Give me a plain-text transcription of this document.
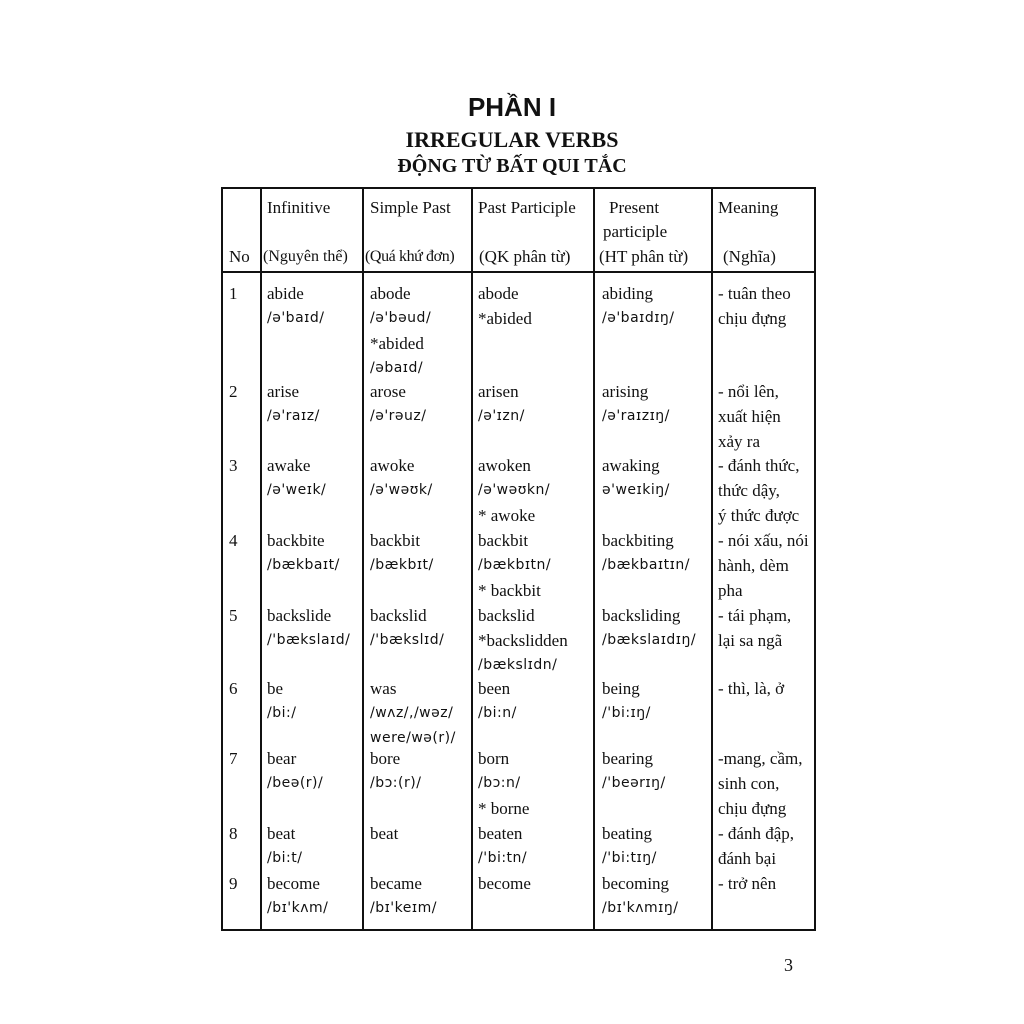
PHẦN I
IRREGULAR VERBS
ĐỘNG TỪ BẤT QUI TẮC
No
Infinitive
(Nguyên thể)
Simple Past
(Quá khứ đơn)
Past Participle
(QK phân từ)
Present
participle
(HT phân từ)
Meaning
(Nghĩa)
1 abide
/ə'baɪd/
abode
/ə'bəud/
*abided
/əbaɪd/
abode
*abided
abiding
/ə'baɪdɪŋ/
- tuân theo
chịu đựng
2 arise
/ə'raɪz/
arose
/ə'rəuz/
arisen
/ə'ɪzn/
arising
/ə'raɪzɪŋ/
- nổi lên,
xuất hiện
xảy ra
3 awake
/ə'weɪk/
awoke
/ə'wəʊk/
awoken
/ə'wəʊkn/
* awoke
awaking
ə'weɪkiŋ/
- đánh thức,
thức dậy,
ý thức được
4 backbite
/bækbaɪt/
backbit
/bækbɪt/
backbit
/bækbɪtn/
* backbit
backbiting
/bækbaɪtɪn/
- nói xấu, nói
hành, dèm
pha
5 backslide
/'bækslaɪd/
backslid
/'bækslɪd/
backslid
*backslidden
/bækslɪdn/
backsliding
/bækslaɪdɪŋ/
- tái phạm,
lại sa ngã
6 be
/bi:/
was
/wʌz/,/wəz/
were/wə(r)/
been
/bi:n/
being
/'bi:ɪŋ/
- thì, là, ở
7 bear
/beə(r)/
bore
/bɔ:(r)/
born
/bɔ:n/
* borne
bearing
/'beərɪŋ/
-mang, cầm,
sinh con,
chịu đựng
8 beat
/bi:t/
beat	beaten
/'bi:tn/
beating
/'bi:tɪŋ/
- đánh đập,
đánh bại
9 become
/bɪ'kʌm/
became
/bɪ'keɪm/
become	becoming
/bɪ'kʌmɪŋ/
- trở nên
3
